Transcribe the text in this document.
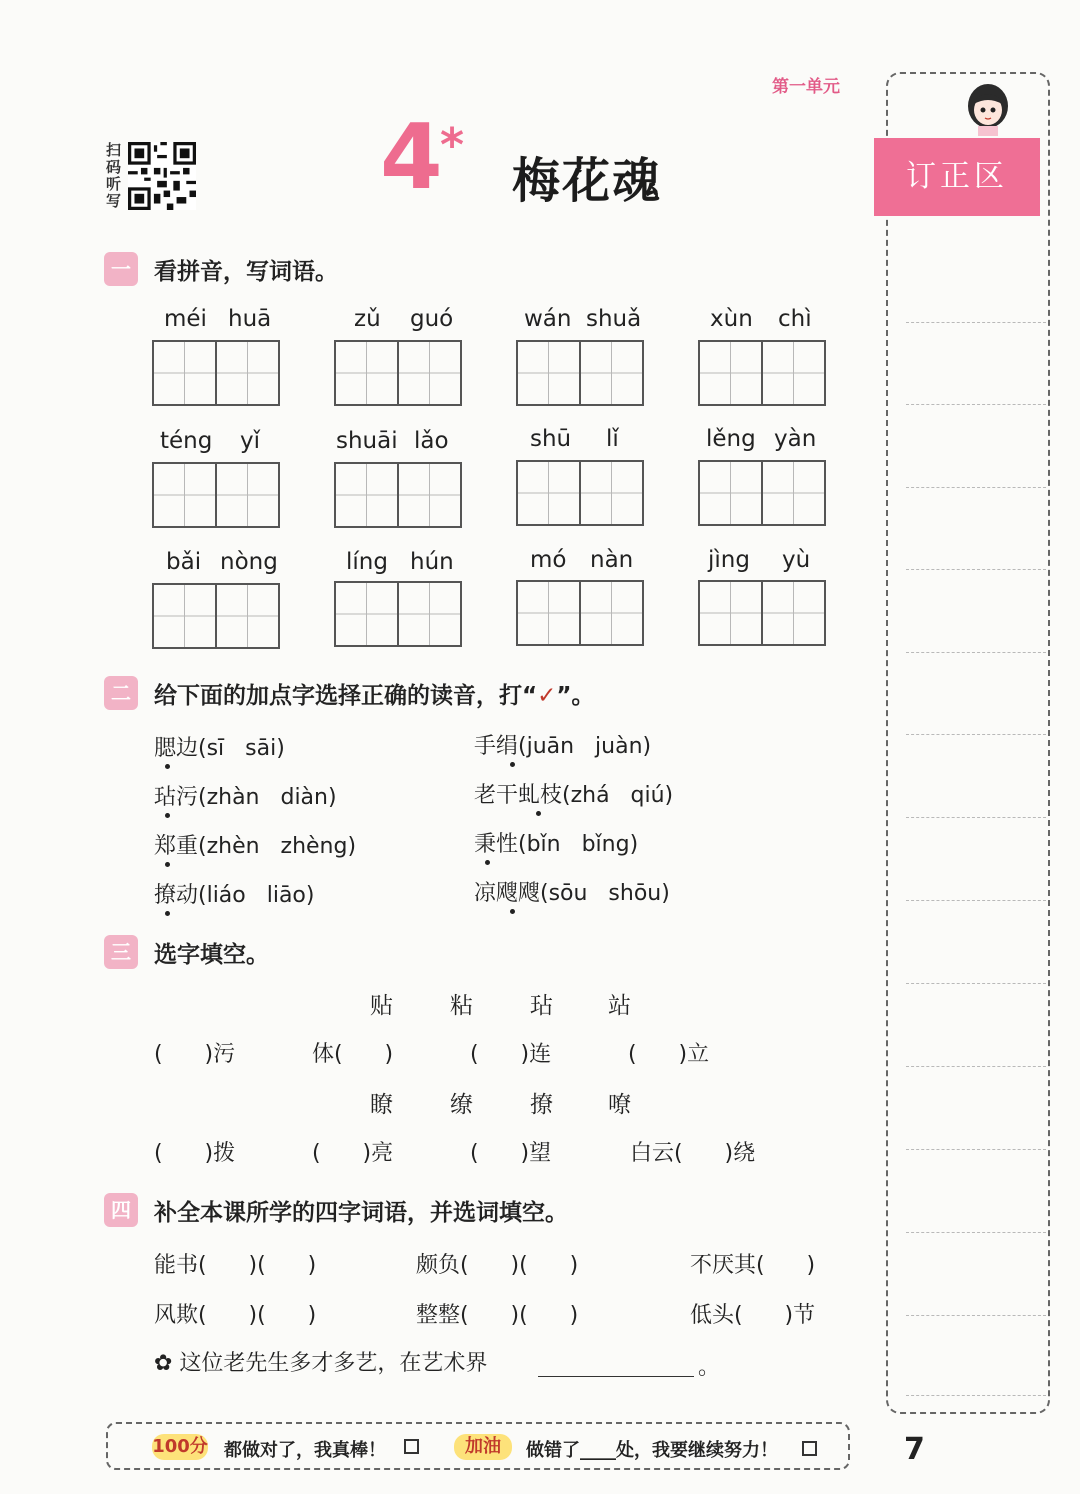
第一单元
扫码听写	4
*
梅花魂	订正区
一	看拼音，写词语。
méi huā	zǔ guó	wán shuǎ	xùn chì
téng yǐ	shuāi lǎo	shū lǐ	lěng yàn
bǎi nòng	líng hún	mó nàn	jìng yù
二	给下面的加点字选择正确的读音，打“✓”。
腮边(sī   sāi)	手绢(juān   juàn)
玷污(zhàn   diàn)	老干虬枝(zhá   qiú)
郑重(zhèn   zhèng)	秉性(bǐn   bǐng)
撩动(liáo   liāo)	凉飕飕(sōu   shōu)
三	选字填空。
贴 粘 玷 站
(      )污	体(      )	(      )连	(      )立
瞭 缭 撩 嘹
(      )拨	(      )亮	(      )望	白云(      )绕
四	补全本课所学的四字词语，并选词填空。
能书(      )(      )	颇负(      )(      )	不厌其(      )
风欺(      )(      )	整整(      )(      )	低头(      )节
✿ 这位老先生多才多艺，在艺术界	。
100分 都做对了，我真棒！	加油	做错了____处，我要继续努力！	7
